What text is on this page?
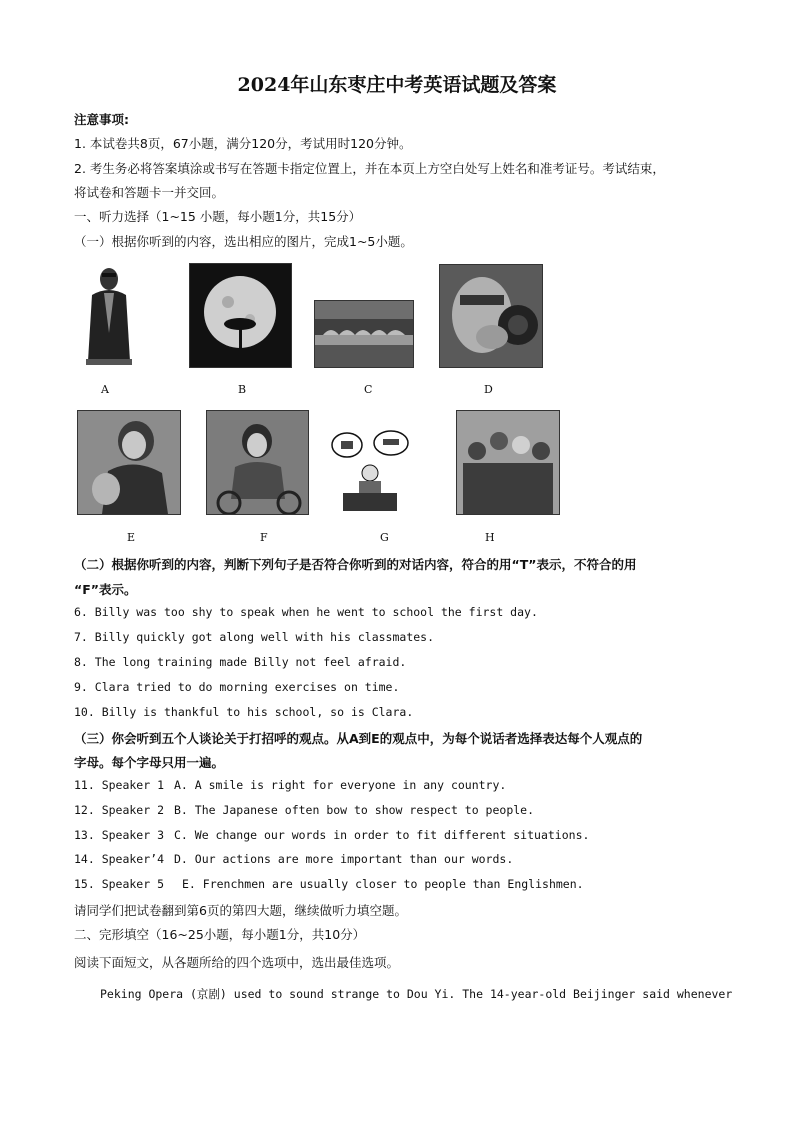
2024年山东枣庄中考英语试题及答案
注意事项:
1. 本试卷共8页，67小题，满分120分，考试用时120分钟。
2. 考生务必将答案填涂或书写在答题卡指定位置上，并在本页上方空白处写上姓名和准考证号。考试结束，
将试卷和答题卡一并交回。
一、听力选择（1~15 小题，每小题1分，共15分）
（一）根据你听到的内容，选出相应的图片，完成1~5小题。
A	B	C	D
E	F	G	H
（二）根据你听到的内容，判断下列句子是否符合你听到的对话内容，符合的用“T”表示，不符合的用
“F”表示。
6. Billy was too shy to speak when he went to school the first day.
7. Billy quickly got along well with his classmates.
8. The long training made Billy not feel afraid.
9. Clara tried to do morning exercises on time.
10. Billy is thankful to his school, so is Clara.
（三）你会听到五个人谈论关于打招呼的观点。从A到E的观点中，为每个说话者选择表达每个人观点的
字母。每个字母只用一遍。
11. Speaker 1 A. A smile is right for everyone in any country.
12. Speaker 2 B. The Japanese often bow to show respect to people.
13. Speaker 3 C. We change our words in order to fit different situations.
14. Speaker’4 D. Our actions are more important than our words.
15. Speaker 5 E. Frenchmen are usually closer to people than Englishmen.
请同学们把试卷翻到第6页的第四大题，继续做听力填空题。
二、完形填空（16~25小题，每小题1分，共10分）
阅读下面短文，从各题所给的四个选项中，选出最佳选项。
Peking Opera (京剧) used to sound strange to Dou Yi. The 14-year-old Beijinger said whenever
